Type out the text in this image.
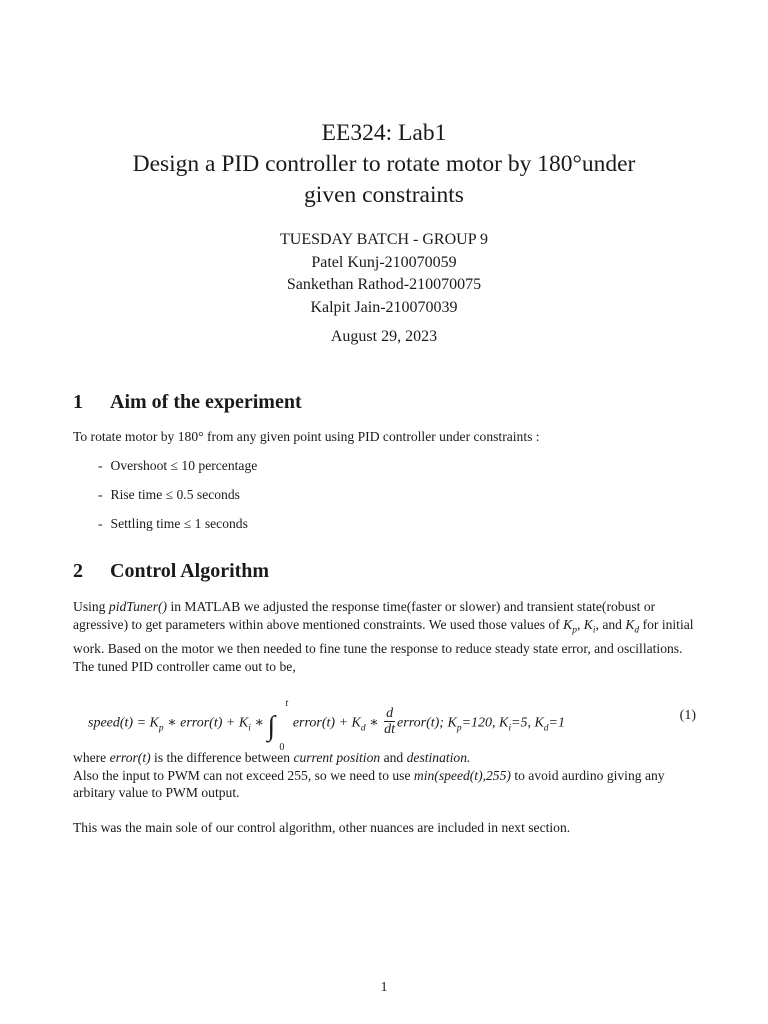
EE324: Lab1
Design a PID controller to rotate motor by 180°under
given constraints
TUESDAY BATCH - GROUP 9
Patel Kunj-210070059
Sankethan Rathod-210070075
Kalpit Jain-210070039
August 29, 2023
1 Aim of the experiment
To rotate motor by 180° from any given point using PID controller under constraints :
- Overshoot ≤ 10 percentage
- Rise time ≤ 0.5 seconds
- Settling time ≤ 1 seconds
2 Control Algorithm
Using pidTuner() in MATLAB we adjusted the response time(faster or slower) and transient state(robust or agressive) to get parameters within above mentioned constraints. We used those values of $K_p$, $K_i$, and $K_d$ for initial work. Based on the motor we then needed to fine tune the response to reduce steady state error, and oscillations.
The tuned PID controller came out to be,
speed(t) = $K_p$ ∗ error(t) + $K_i$ ∗ ∫
t
0
error(t) + $K_d$ ∗ $\frac{d}{dt}$ error(t); $K_p=120$, $K_i=5$, $K_d=1$
(1)
where error(t) is the difference between current position and destination.
Also the input to PWM can not exceed 255, so we need to use min(speed(t),255) to avoid aurdino giving any arbitary value to PWM output.
This was the main sole of our control algorithm, other nuances are included in next section.
1
